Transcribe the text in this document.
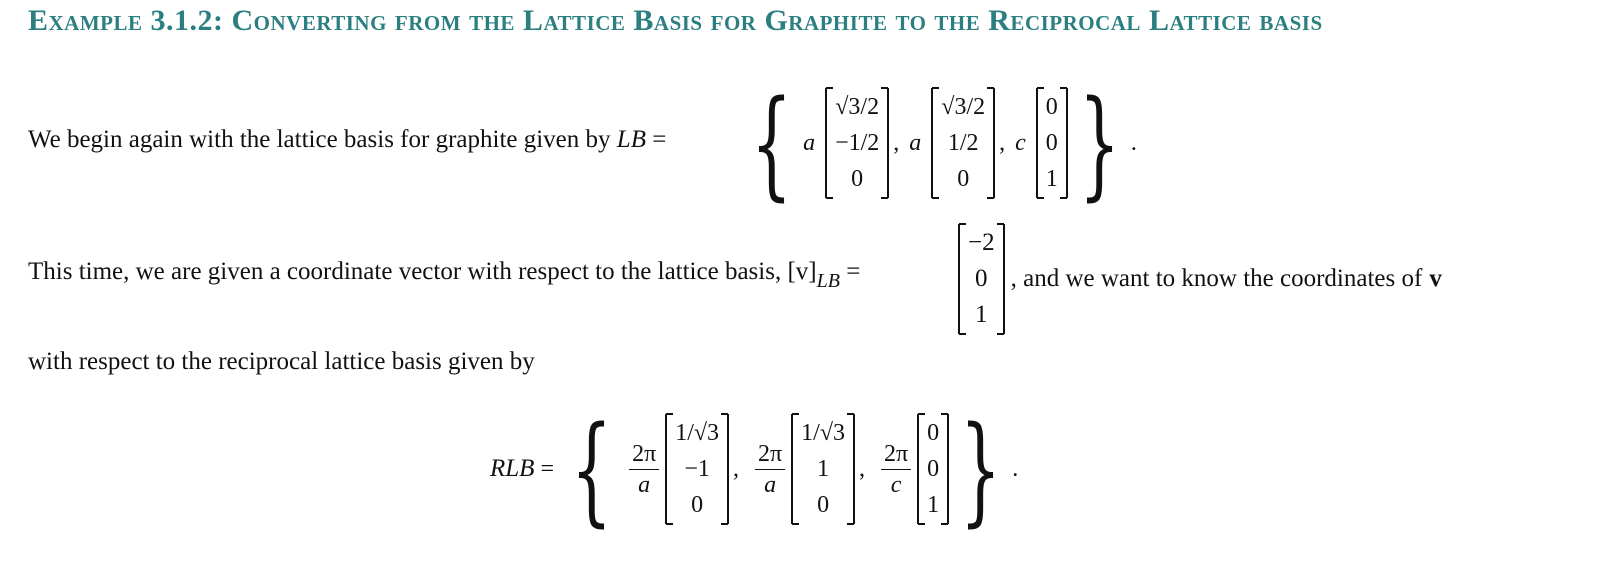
Example 3.1.2: Converting from the Lattice Basis for Graphite to the Reciprocal Lattice basis
We begin again with the lattice basis for graphite given by LB = { a
√3/2
−1/2
0
, a
√3/2
1/2
0
, c
0
0
1 } .
This time, we are given a coordinate vector with respect to the lattice basis, $[v]_{LB}$ =
−2
0
1
, and we want to know the coordinates of v
with respect to the reciprocal lattice basis given by
RLB = { $\frac{2\pi}{a}$
1/√3
−1
0
, $\frac{2\pi}{a}$
1/√3
1
0
, $\frac{2\pi}{c}$
0
0
1 } .
